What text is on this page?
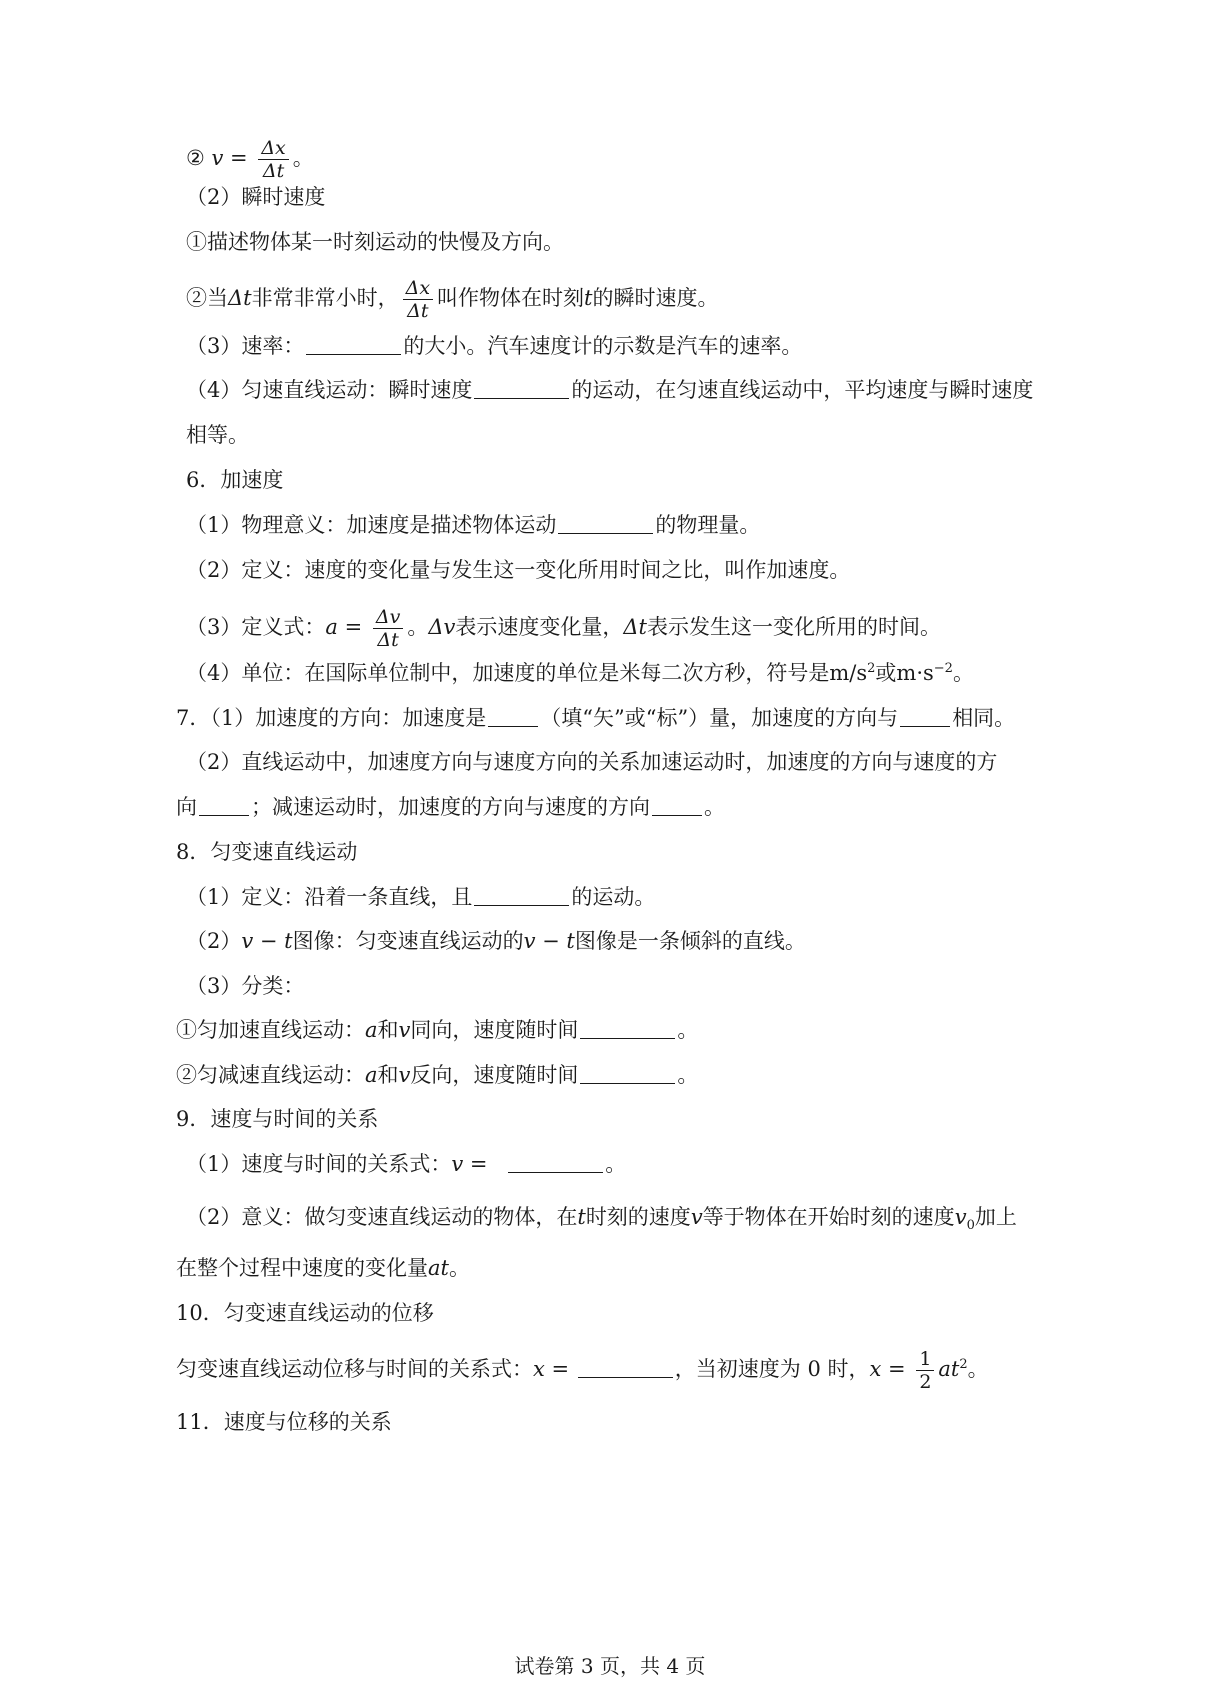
② $v = \frac{\Delta x}{\Delta t}$ 。
（2）瞬时速度
①描述物体某一时刻运动的快慢及方向。
②当Δt非常非常小时， $\frac{\Delta x}{\Delta t}$ 叫作物体在时刻t的瞬时速度。
（3）速率：	的大小。汽车速度计的示数是汽车的速率。
（4）匀速直线运动：瞬时速度	的运动，在匀速直线运动中，平均速度与瞬时速度
相等。
6．加速度
（1）物理意义：加速度是描述物体运动	的物理量。
（2）定义：速度的变化量与发生这一变化所用时间之比，叫作加速度。
（3）定义式：$a = \frac{\Delta v}{\Delta t}$ 。Δv表示速度变化量，Δt表示发生这一变化所用的时间。
（4）单位：在国际单位制中，加速度的单位是米每二次方秒，符号是$m/s^2$或$m\cdot s^{-2}$。
7．（1）加速度的方向：加速度是	（填“矢”或“标”）量，加速度的方向与	相同。
（2）直线运动中，加速度方向与速度方向的关系加速运动时，加速度的方向与速度的方
向	；减速运动时，加速度的方向与速度的方向	。
8．匀变速直线运动
（1）定义：沿着一条直线，且	的运动。
（2）v − t图像：匀变速直线运动的v − t图像是一条倾斜的直线。
（3）分类：
①匀加速直线运动：a和v同向，速度随时间	。
②匀减速直线运动：a和v反向，速度随时间	。
9．速度与时间的关系
（1）速度与时间的关系式：v =	。
（2）意义：做匀变速直线运动的物体，在t时刻的速度v等于物体在开始时刻的速度$v_0$加上
在整个过程中速度的变化量at。
10．匀变速直线运动的位移
匀变速直线运动位移与时间的关系式：x =	，当初速度为 0 时，$x = \frac{1}{2} at^2$。
11．速度与位移的关系
试卷第 3 页，共 4 页
